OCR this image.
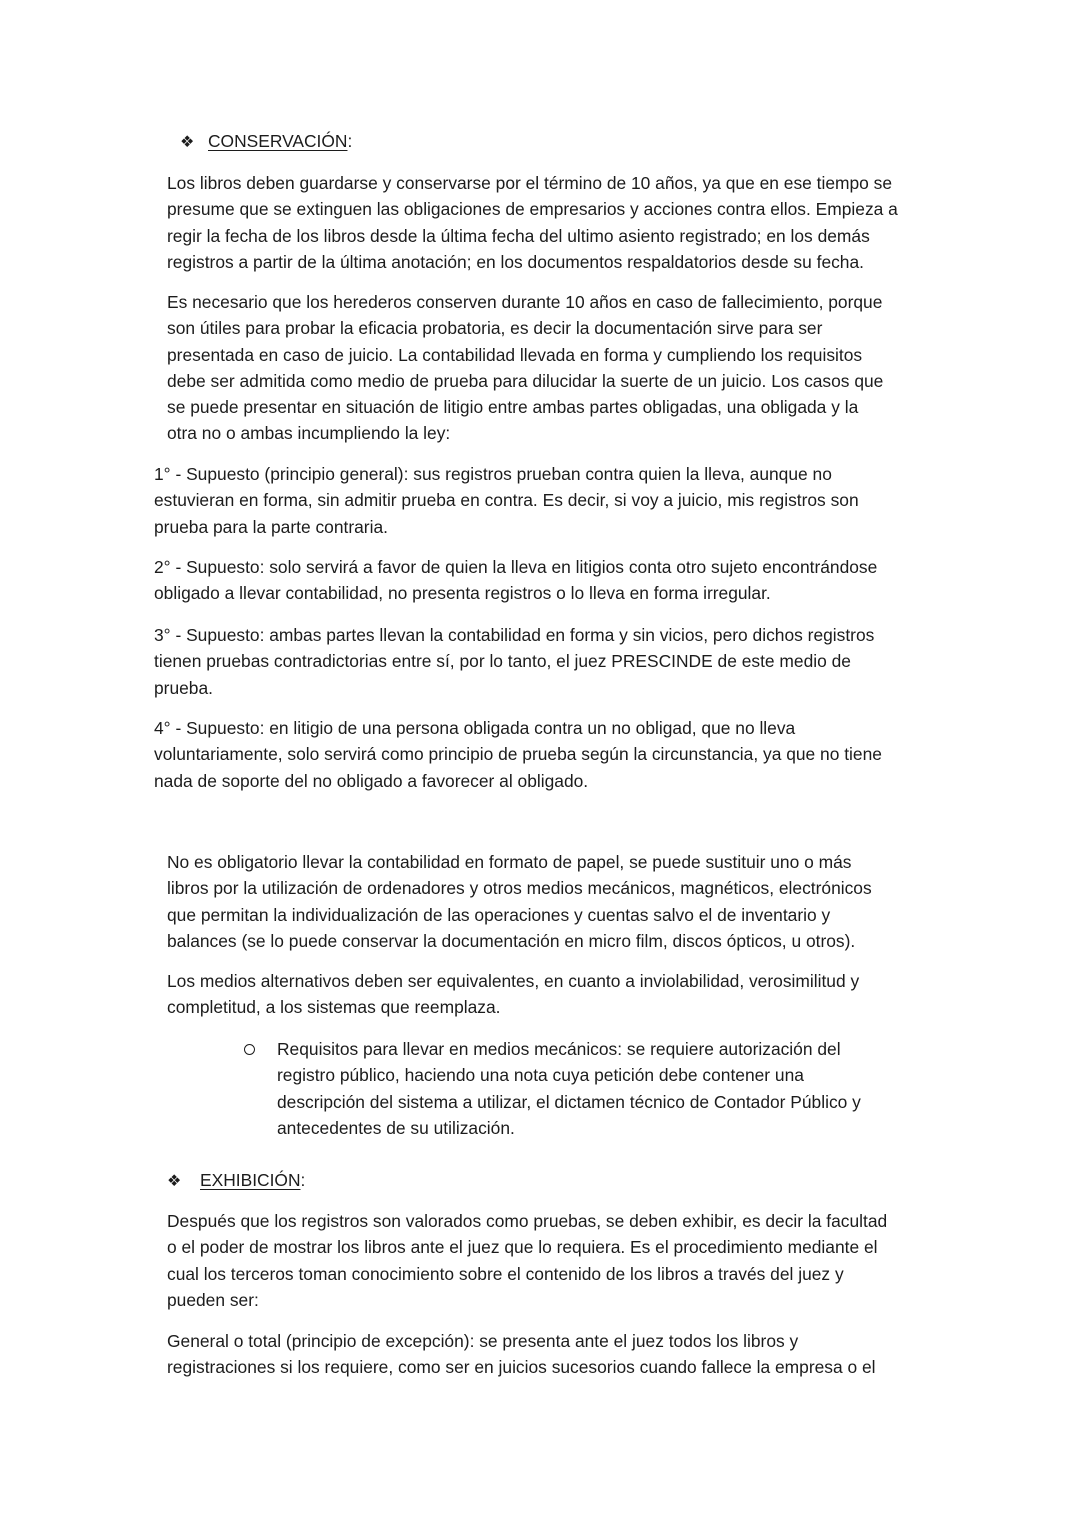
❖ CONSERVACIÓN:
Los libros deben guardarse y conservarse por el término de 10 años, ya que en ese tiempo se
presume que se extinguen las obligaciones de empresarios y acciones contra ellos. Empieza a
regir la fecha de los libros desde la última fecha del ultimo asiento registrado; en los demás
registros a partir de la última anotación; en los documentos respaldatorios desde su fecha.
Es necesario que los herederos conserven durante 10 años en caso de fallecimiento, porque
son útiles para probar la eficacia probatoria, es decir la documentación sirve para ser
presentada en caso de juicio. La contabilidad llevada en forma y cumpliendo los requisitos
debe ser admitida como medio de prueba para dilucidar la suerte de un juicio. Los casos que
se puede presentar en situación de litigio entre ambas partes obligadas, una obligada y la
otra no o ambas incumpliendo la ley:
1° - Supuesto (principio general): sus registros prueban contra quien la lleva, aunque no
estuvieran en forma, sin admitir prueba en contra. Es decir, si voy a juicio, mis registros son
prueba para la parte contraria.
2° - Supuesto: solo servirá a favor de quien la lleva en litigios conta otro sujeto encontrándose
obligado a llevar contabilidad, no presenta registros o lo lleva en forma irregular.
3° - Supuesto: ambas partes llevan la contabilidad en forma y sin vicios, pero dichos registros
tienen pruebas contradictorias entre sí, por lo tanto, el juez PRESCINDE de este medio de
prueba.
4° - Supuesto: en litigio de una persona obligada contra un no obligad, que no lleva
voluntariamente, solo servirá como principio de prueba según la circunstancia, ya que no tiene
nada de soporte del no obligado a favorecer al obligado.
No es obligatorio llevar la contabilidad en formato de papel, se puede sustituir uno o más
libros por la utilización de ordenadores y otros medios mecánicos, magnéticos, electrónicos
que permitan la individualización de las operaciones y cuentas salvo el de inventario y
balances (se lo puede conservar la documentación en micro film, discos ópticos, u otros).
Los medios alternativos deben ser equivalentes, en cuanto a inviolabilidad, verosimilitud y
completitud, a los sistemas que reemplaza.
Requisitos para llevar en medios mecánicos: se requiere autorización del
registro público, haciendo una nota cuya petición debe contener una
descripción del sistema a utilizar, el dictamen técnico de Contador Público y
antecedentes de su utilización.
❖ EXHIBICIÓN:
Después que los registros son valorados como pruebas, se deben exhibir, es decir la facultad
o el poder de mostrar los libros ante el juez que lo requiera. Es el procedimiento mediante el
cual los terceros toman conocimiento sobre el contenido de los libros a través del juez y
pueden ser:
General o total (principio de excepción): se presenta ante el juez todos los libros y
registraciones si los requiere, como ser en juicios sucesorios cuando fallece la empresa o el
